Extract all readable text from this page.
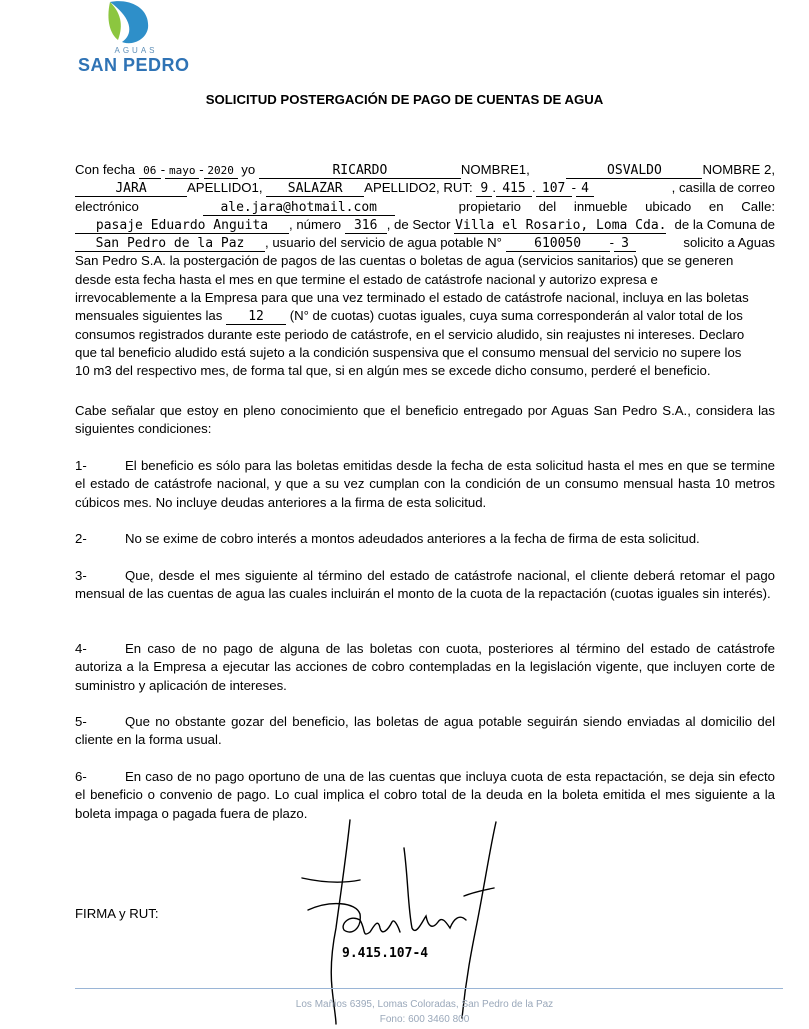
AGUAS
SAN PEDRO
SOLICITUD POSTERGACIÓN DE PAGO DE CUENTAS DE AGUA
Con fecha 06 - mayo - 2020 yo	RICARDO	NOMBRE1,	OSVALDO	NOMBRE 2,
JARA	APELLIDO1, SALAZAR APELLIDO2, RUT: 9 . 415 . 107 - 4	, casilla de correo
electrónico	ale.jara@hotmail.com	propietario del inmueble ubicado en Calle:
pasaje Eduardo Anguita , número 316 , de Sector Villa el Rosario, Loma Cda. de la Comuna de
San Pedro de la Paz , usuario del servicio de agua potable N° 610050 - 3	solicito a Aguas
San Pedro S.A. la postergación de pagos de las cuentas o boletas de agua (servicios sanitarios) que se generen
desde esta fecha hasta el mes en que termine el estado de catástrofe nacional y autorizo expresa e
irrevocablemente a la Empresa para que una vez terminado el estado de catástrofe nacional, incluya en las boletas
mensuales siguientes las 12 (N° de cuotas) cuotas iguales, cuya suma corresponderán al valor total de los
consumos registrados durante este periodo de catástrofe, en el servicio aludido, sin reajustes ni intereses. Declaro
que tal beneficio aludido está sujeto a la condición suspensiva que el consumo mensual del servicio no supere los
10 m3 del respectivo mes, de forma tal que, si en algún mes se excede dicho consumo, perderé el beneficio.
Cabe señalar que estoy en pleno conocimiento que el beneficio entregado por Aguas San Pedro S.A., considera las siguientes condiciones:
1-	El beneficio es sólo para las boletas emitidas desde la fecha de esta solicitud hasta el mes en que se termine el estado de catástrofe nacional, y que a su vez cumplan con la condición de un consumo mensual hasta 10 metros cúbicos mes. No incluye deudas anteriores a la firma de esta solicitud.
2-	No se exime de cobro interés a montos adeudados anteriores a la fecha de firma de esta solicitud.
3-	Que, desde el mes siguiente al término del estado de catástrofe nacional, el cliente deberá retomar el pago mensual de las cuentas de agua las cuales incluirán el monto de la cuota de la repactación (cuotas iguales sin interés).
4-	En caso de no pago de alguna de las boletas con cuota, posteriores al término del estado de catástrofe autoriza a la Empresa a ejecutar las acciones de cobro contempladas en la legislación vigente, que incluyen corte de suministro y aplicación de intereses.
5-	Que no obstante gozar del beneficio, las boletas de agua potable seguirán siendo enviadas al domicilio del cliente en la forma usual.
6-	En caso de no pago oportuno de una de las cuentas que incluya cuota de esta repactación, se deja sin efecto el beneficio o convenio de pago. Lo cual implica el cobro total de la deuda en la boleta emitida el mes siguiente a la boleta impaga o pagada fuera de plazo.
FIRMA y RUT:
9.415.107-4
Los Mañios 6395, Lomas Coloradas, San Pedro de la Paz
Fono: 600 3460 800
